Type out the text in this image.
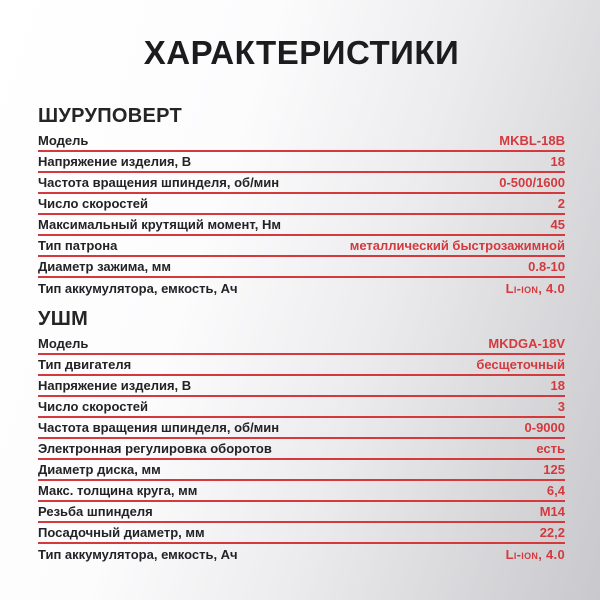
ХАРАКТЕРИСТИКИ
ШУРУПОВЕРТ
Модель	MKBL-18B
Напряжение изделия, В	18
Частота вращения шпинделя, об/мин	0-500/1600
Число скоростей	2
Максимальный крутящий момент, Нм	45
Тип патрона	металлический быстрозажимной
Диаметр зажима, мм	0.8-10
Тип аккумулятора, емкость, Ач	Li-ion, 4.0
УШМ
Модель	MKDGA-18V
Тип двигателя	бесщеточный
Напряжение изделия, В	18
Число скоростей	3
Частота вращения шпинделя, об/мин	0-9000
Электронная регулировка оборотов	есть
Диаметр диска, мм	125
Макс. толщина круга, мм	6,4
Резьба шпинделя	M14
Посадочный диаметр, мм	22,2
Тип аккумулятора, емкость, Ач	Li-ion, 4.0
